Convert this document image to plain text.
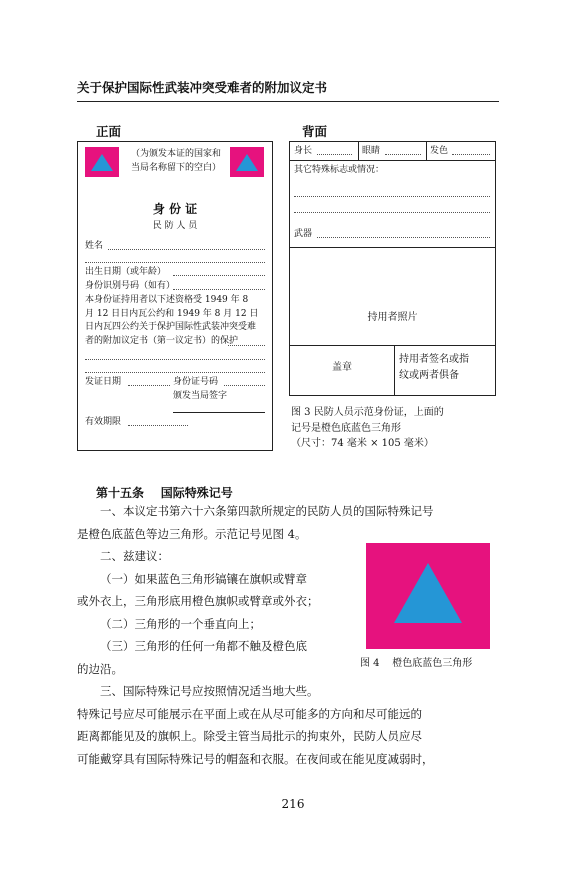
关于保护国际性武装冲突受难者的附加议定书
正面
（为颁发本证的国家和
当局名称留下的空白）
身 份 证
民 防 人 员
姓名
出生日期（或年龄）
身份识别号码（如有）
本身份证持用者以下述资格受 1949 年 8
月 12 日日内瓦公约和 1949 年 8 月 12 日
日内瓦四公约关于保护国际性武装冲突受难
者的附加议定书（第一议定书）的保护
发证日期	身份证号码
颁发当局签字
有效期限
背面
身长	眼睛	发色
其它特殊标志或情况：
武器
持用者照片
盖章
持用者签名或指
纹或两者俱备
图 3 民防人员示范身份证，上面的
记号是橙色底蓝色三角形
（尺寸：74 毫米 × 105 毫米）
第十五条    国际特殊记号
一、本议定书第六十六条第四款所规定的民防人员的国际特殊记号
是橙色底蓝色等边三角形。示范记号见图 4。
二、兹建议：
（一）如果蓝色三角形镐镶在旗帜或臂章
或外衣上，三角形底用橙色旗帜或臂章或外衣；
（二）三角形的一个垂直向上；
（三）三角形的任何一角都不触及橙色底
的边沿。
三、国际特殊记号应按照情况适当地大些。
特殊记号应尽可能展示在平面上或在从尽可能多的方向和尽可能远的
距离都能见及的旗帜上。除受主管当局批示的拘束外，民防人员应尽
可能戴穿具有国际特殊记号的帽盔和衣服。在夜间或在能见度减弱时，
图 4    橙色底蓝色三角形
216
